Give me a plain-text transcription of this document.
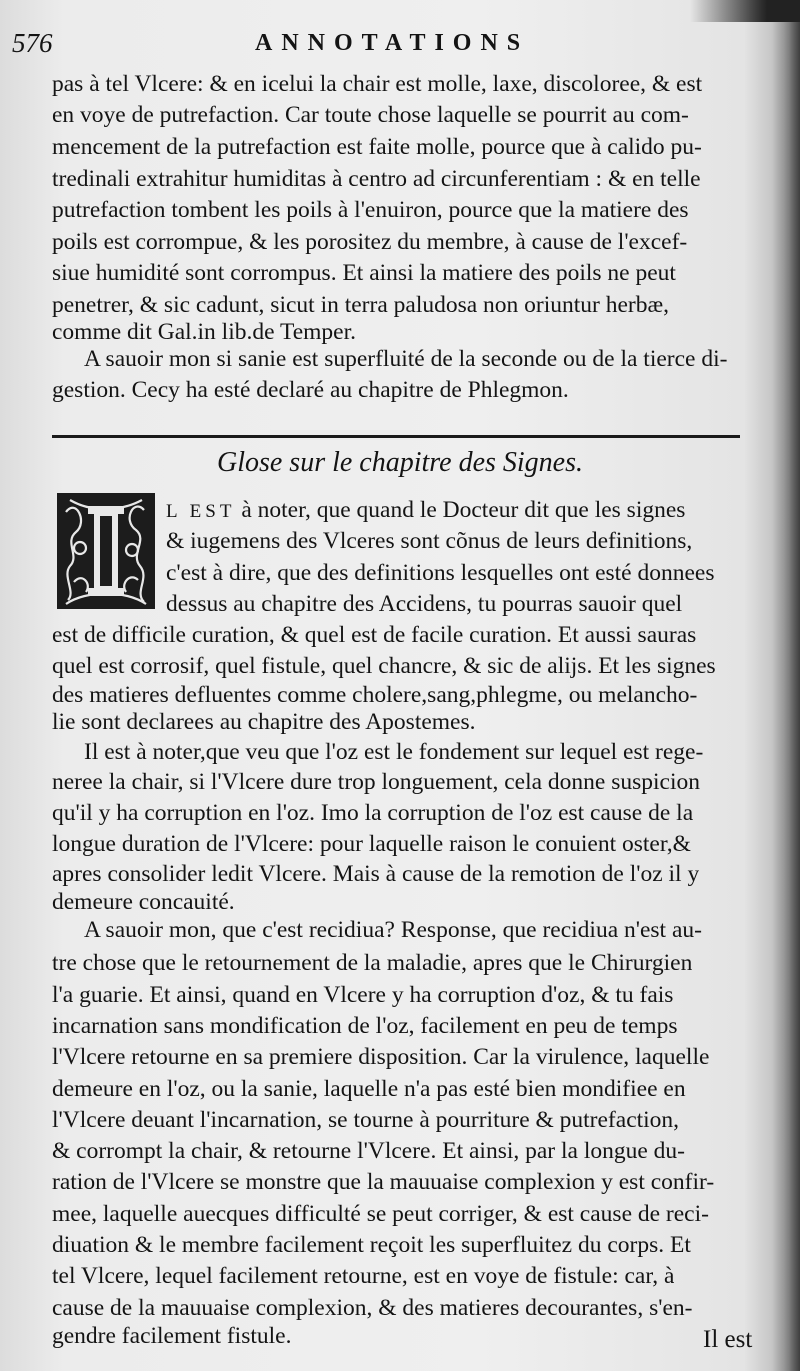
576	ANNOTATIONS
pas à tel Vlcere: & en icelui la chair est molle, laxe, discoloree, & est
en voye de putrefaction. Car toute chose laquelle se pourrit au com-
mencement de la putrefaction est faite molle, pource que à calido pu-
tredinali extrahitur humiditas à centro ad circunferentiam : & en telle
putrefaction tombent les poils à l'enuiron, pource que la matiere des
poils est corrompue, & les porositez du membre, à cause de l'excef-
siue humidité sont corrompus. Et ainsi la matiere des poils ne peut
penetrer, & sic cadunt, sicut in terra paludosa non oriuntur herbæ,
comme dit Gal.in lib.de Temper.
A sauoir mon si sanie est superfluité de la seconde ou de la tierce di-
gestion. Cecy ha esté declaré au chapitre de Phlegmon.
Glose sur le chapitre des Signes.
L EST à noter, que quand le Docteur dit que les signes
& iugemens des Vlceres sont cõnus de leurs definitions,
c'est à dire, que des definitions lesquelles ont esté donnees
dessus au chapitre des Accidens, tu pourras sauoir quel
est de difficile curation, & quel est de facile curation. Et aussi sauras
quel est corrosif, quel fistule, quel chancre, & sic de alijs. Et les signes
des matieres defluentes comme cholere,sang,phlegme, ou melancho-
lie sont declarees au chapitre des Apostemes.
Il est à noter,que veu que l'oz est le fondement sur lequel est rege-
neree la chair, si l'Vlcere dure trop longuement, cela donne suspicion
qu'il y ha corruption en l'oz. Imo la corruption de l'oz est cause de la
longue duration de l'Vlcere: pour laquelle raison le conuient oster,&
apres consolider ledit Vlcere. Mais à cause de la remotion de l'oz il y
demeure concauité.
A sauoir mon, que c'est recidiua? Response, que recidiua n'est au-
tre chose que le retournement de la maladie, apres que le Chirurgien
l'a guarie. Et ainsi, quand en Vlcere y ha corruption d'oz, & tu fais
incarnation sans mondification de l'oz, facilement en peu de temps
l'Vlcere retourne en sa premiere disposition. Car la virulence, laquelle
demeure en l'oz, ou la sanie, laquelle n'a pas esté bien mondifiee en
l'Vlcere deuant l'incarnation, se tourne à pourriture & putrefaction,
& corrompt la chair, & retourne l'Vlcere. Et ainsi, par la longue du-
ration de l'Vlcere se monstre que la mauuaise complexion y est confir-
mee, laquelle auecques difficulté se peut corriger, & est cause de reci-
diuation & le membre facilement reçoit les superfluitez du corps. Et
tel Vlcere, lequel facilement retourne, est en voye de fistule: car, à
cause de la mauuaise complexion, & des matieres decourantes, s'en-
gendre facilement fistule.	Il est
